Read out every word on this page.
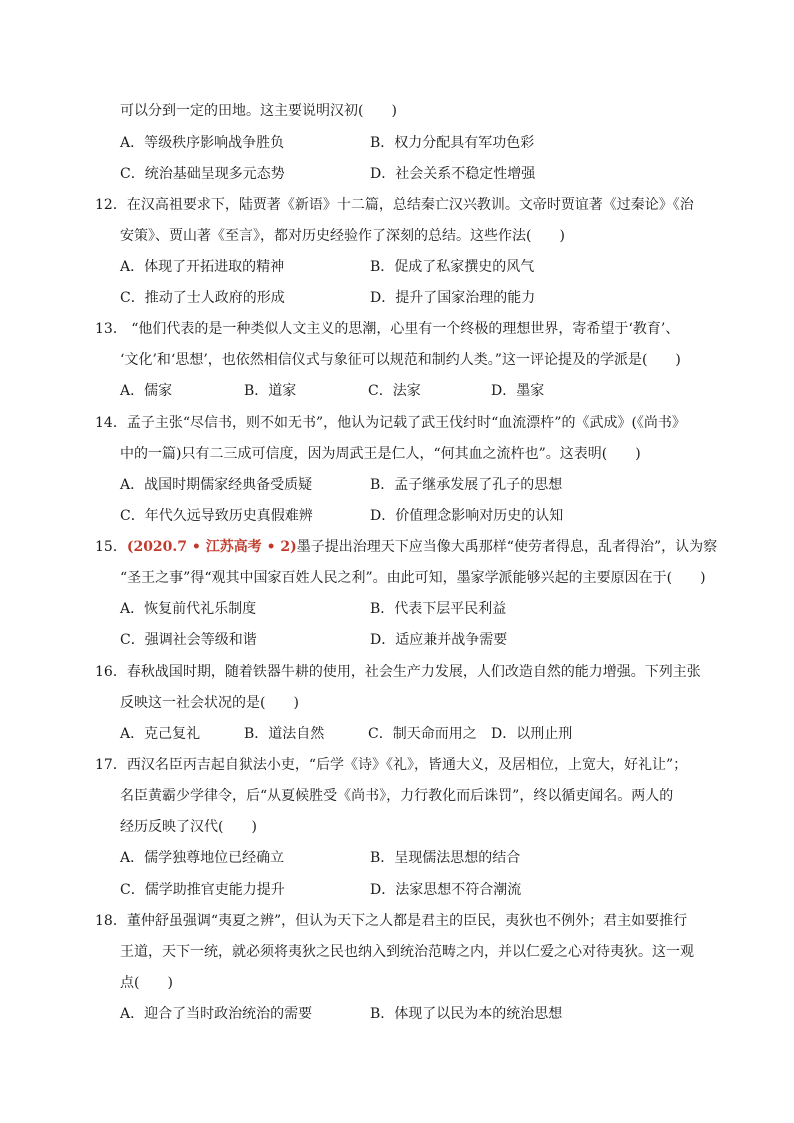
可以分到一定的田地。这主要说明汉初(　　)
A．等级秩序影响战争胜负	B．权力分配具有军功色彩
C．统治基础呈现多元态势	D．社会关系不稳定性增强
12．在汉高祖要求下，陆贾著《新语》十二篇，总结秦亡汉兴教训。文帝时贾谊著《过秦论》《治
安策》、贾山著《至言》，都对历史经验作了深刻的总结。这些作法(　　)
A．体现了开拓进取的精神	B．促成了私家撰史的风气
C．推动了士人政府的形成	D．提升了国家治理的能力
13． “他们代表的是一种类似人文主义的思潮，心里有一个终极的理想世界，寄希望于‘教育’、
‘文化’和‘思想’，也依然相信仪式与象征可以规范和制约人类。”这一评论提及的学派是(　　)
A．儒家	B．道家	C．法家	D．墨家
14．孟子主张“尽信书，则不如无书”，他认为记载了武王伐纣时“血流漂杵”的《武成》(《尚书》
中的一篇)只有二三成可信度，因为周武王是仁人，“何其血之流杵也”。这表明(　　)
A．战国时期儒家经典备受质疑	B．孟子继承发展了孔子的思想
C．年代久远导致历史真假难辨	D．价值理念影响对历史的认知
15．(2020.7 • 江苏高考 • 2)墨子提出治理天下应当像大禹那样“使劳者得息，乱者得治”，认为察
“圣王之事”得“观其中国家百姓人民之利”。由此可知，墨家学派能够兴起的主要原因在于(　　)
A．恢复前代礼乐制度	B．代表下层平民利益
C．强调社会等级和谐	D．适应兼并战争需要
16．春秋战国时期，随着铁器牛耕的使用，社会生产力发展，人们改造自然的能力增强。下列主张
反映这一社会状况的是(　　)
A．克己复礼	B．道法自然	C．制天命而用之 D．以刑止刑
17．西汉名臣丙吉起自狱法小吏，“后学《诗》《礼》，皆通大义，及居相位，上宽大，好礼让”；
名臣黄霸少学律令，后“从夏候胜受《尚书》，力行教化而后诛罚”，终以循吏闻名。两人的
经历反映了汉代(　　)
A．儒学独尊地位已经确立	B．呈现儒法思想的结合
C．儒学助推官吏能力提升	D．法家思想不符合潮流
18．董仲舒虽强调“夷夏之辨”，但认为天下之人都是君主的臣民，夷狄也不例外；君主如要推行
王道，天下一统，就必须将夷狄之民也纳入到统治范畴之内，并以仁爱之心对待夷狄。这一观
点(　　)
A．迎合了当时政治统治的需要	B．体现了以民为本的统治思想
